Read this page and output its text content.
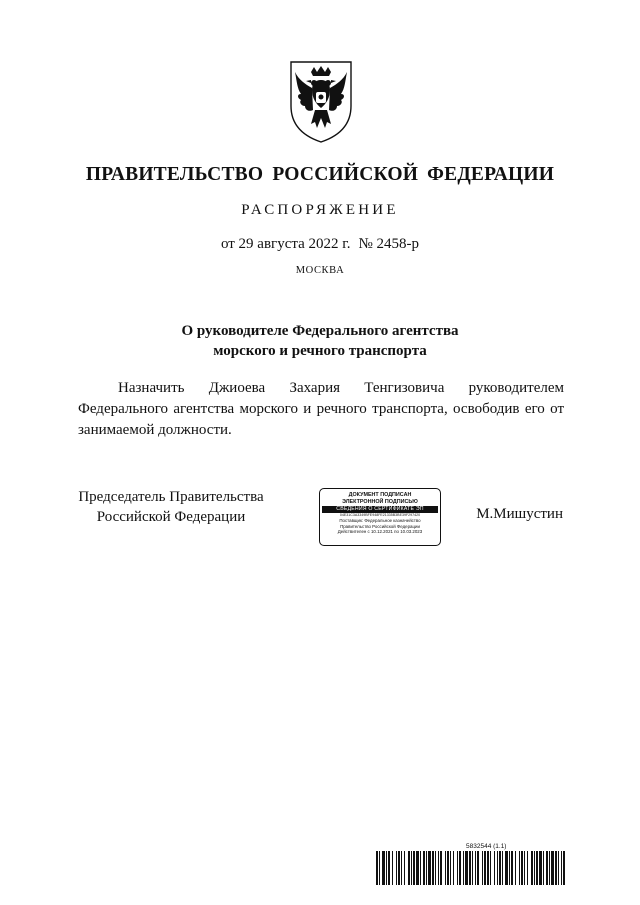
ПРАВИТЕЛЬСТВО РОССИЙСКОЙ ФЕДЕРАЦИИ
РАСПОРЯЖЕНИЕ
от 29 августа 2022 г. № 2458-р
МОСКВА
О руководителе Федерального агентства
морского и речного транспорта
Назначить Джиоева Захария Тенгизовича руководителем Федерального агентства морского и речного транспорта, освободив его от занимаемой должности.
Председатель Правительства
Российской Федерации
ДОКУМЕНТ ПОДПИСАН
ЭЛЕКТРОННОЙ ПОДПИСЬЮ
СВЕДЕНИЯ О СЕРТИФИКАТЕ ЭП
04E31C3A3349BFE948FE21335B3BE39F297420
Поставщик: Федеральное казначейство
Правительство Российской Федерации
Действителен с 10.12.2021 по 10.03.2023
М.Мишустин
5832544 (1.1)
